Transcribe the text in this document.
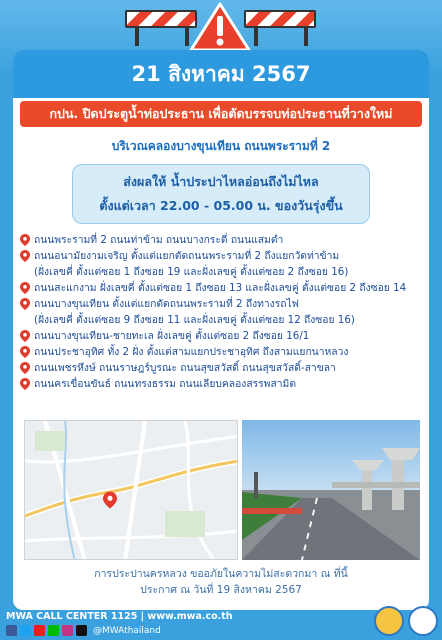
21 สิงหาคม 2567
กปน. ปิดประตูน้ำท่อประธาน เพื่อตัดบรรจบท่อประธานที่วางใหม่
บริเวณคลองบางขุนเทียน ถนนพระรามที่ 2
ส่งผลให้ น้ำประปาไหลอ่อนถึงไม่ไหล
ตั้งแต่เวลา 22.00 - 05.00 น. ของวันรุ่งขึ้น
ถนนพระรามที่ 2 ถนนท่าข้าม ถนนบางกระดี่ ถนนแสมดำ
ถนนอนามัยงามเจริญ ตั้งแต่แยกตัดถนนพระรามที่ 2 ถึงแยกวัดท่าข้าม
(ฝั่งเลขคี่ ตั้งแต่ซอย 1 ถึงซอย 19 และฝั่งเลขคู่ ตั้งแต่ซอย 2 ถึงซอย 16)
ถนนสะแกงาม ฝั่งเลขคี่ ตั้งแต่ซอย 1 ถึงซอย 13 และฝั่งเลขคู่ ตั้งแต่ซอย 2 ถึงซอย 14
ถนนบางขุนเทียน ตั้งแต่แยกตัดถนนพระรามที่ 2 ถึงทางรถไฟ
(ฝั่งเลขคี่ ตั้งแต่ซอย 9 ถึงซอย 11 และฝั่งเลขคู่ ตั้งแต่ซอย 12 ถึงซอย 16)
ถนนบางขุนเทียน-ชายทะเล ฝั่งเลขคู่ ตั้งแต่ซอย 2 ถึงซอย 16/1
ถนนประชาอุทิศ ทั้ง 2 ฝั่ง ตั้งแต่สามแยกประชาอุทิศ ถึงสามแยกนาหลวง
ถนนเพชรหึงษ์ ถนนราษฎร์บูรณะ ถนนสุขสวัสดิ์ ถนนสุขสวัสดิ์-สาขลา
ถนนครเขื่อนขันธ์ ถนนทรงธรรม ถนนเลียบคลองสรรพสามิต
การประปานครหลวง ขออภัยในความไม่สะดวกมา ณ ที่นี้
ประกาศ ณ วันที่ 19 สิงหาคม 2567
MWA CALL CENTER 1125 | www.mwa.co.th
@MWAthailand
